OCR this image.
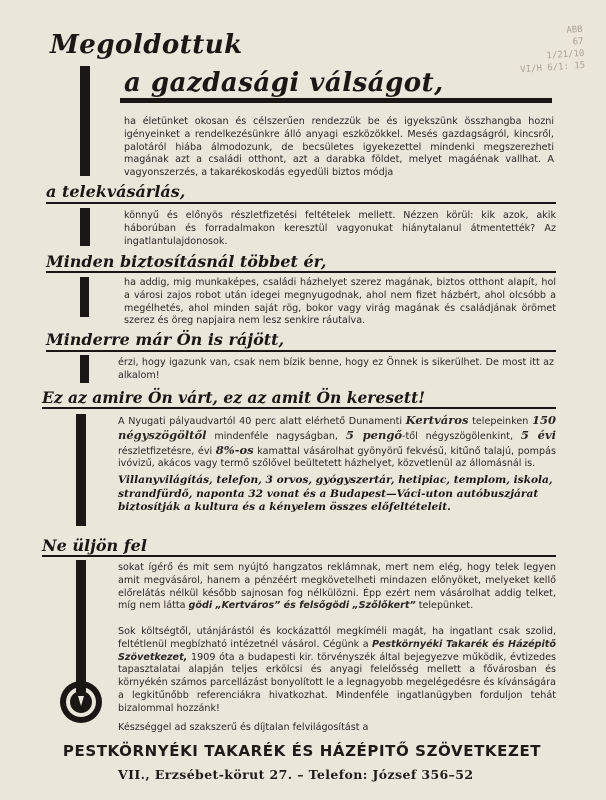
ABB
67
1/21/10
VI/H 6/1: 15
Megoldottuk
a gazdasági válságot,

ha életünket okosan és célszerűen rendezzük be és igyekszünk összhangba hozni igényeinket a rendelkezésünkre álló anyagi eszközökkel. Mesés gazdagságról, kincsről, palotáról hiába álmodozunk, de becsületes igyekezettel mindenki megszerezheti magának azt a családi otthont, azt a darabka földet, melyet magáénak vallhat. A vagyonszerzés, a takarékoskodás egyedüli biztos módja

a telekvásárlás,

könnyű és előnyös részletfizetési feltételek mellett. Nézzen körül: kik azok, akik háborúban és forradalmakon keresztül vagyonukat hiánytalanul átmentették? Az ingatlantulajdonosok.

Minden biztosításnál többet ér,

ha addig, mig munkaképes, családi házhelyet szerez magának, biztos otthont alapít, hol a városi zajos robot után idegei megnyugodnak, ahol nem fizet házbért, ahol olcsóbb a megélhetés, ahol minden saját rög, bokor vagy virág magának és családjának örömet szerez és öreg napjaira nem lesz senkire ráutalva.

Minderre már Ön is rájött,

érzi, hogy igazunk van, csak nem bízik benne, hogy ez Önnek is sikerülhet. De most itt az alkalom!

Ez az amire Ön várt, ez az amit Ön keresett!

A Nyugati pályaudvartól 40 perc alatt elérhető Dunamenti Kertváros telepeinken 150 négyszögöltől mindenféle nagyságban, 5 pengő-től négyszögölenkint, 5 évi részletfizetésre, évi 8%-os kamattal vásárolhat gyönyörű fekvésű, kitűnő talajú, pompás ivóvizű, akácos vagy termő szőlővel beültetett házhelyet, közvetlenül az állomásnál is.

Villanyvilágítás, telefon, 3 orvos, gyógyszertár, hetipiac, templom, iskola, strandfürdő, naponta 32 vonat és a Budapest—Váci-uton autóbuszjárat biztosítják a kultura és a kényelem összes előfeltételeit.

Ne üljön fel

sokat ígérő és mit sem nyújtó hangzatos reklámnak, mert nem elég, hogy telek legyen amit megvásárol, hanem a pénzéért megkövetelheti mindazen előnyöket, melyeket kellő előrelátás nélkül később sajnosan fog nélkülözni. Épp ezért nem vásárolhat addig telket, míg nem látta gödi „Kertváros” és felsőgödi „Szőlőkert” telepünket.

Sok költségtől, utánjárástól és kockázattól megkíméli magát, ha ingatlant csak szolid, feltétlenül megbízható intézetnél vásárol. Cégünk a Pestkörnyéki Takarék és Házépitő Szövetkezet, 1909 óta a budapesti kir. törvényszék által bejegyezve működik, évtizedes tapasztalatai alapján teljes erkölcsi és anyagi felelősség mellett a fővárosban és környékén számos parcellázást bonyolított le a legnagyobb megelégedésre és kívánságára a legkitűnőbb referenciákra hivatkozhat. Mindenféle ingatlanügyben forduljon tehát bizalommal hozzánk!

Készséggel ad szakszerű és díjtalan felvilágosítást a

PESTKÖRNYÉKI TAKARÉK ÉS HÁZÉPITŐ SZÖVETKEZET
VII., Erzsébet-körut 27. – Telefon: József 356–52
